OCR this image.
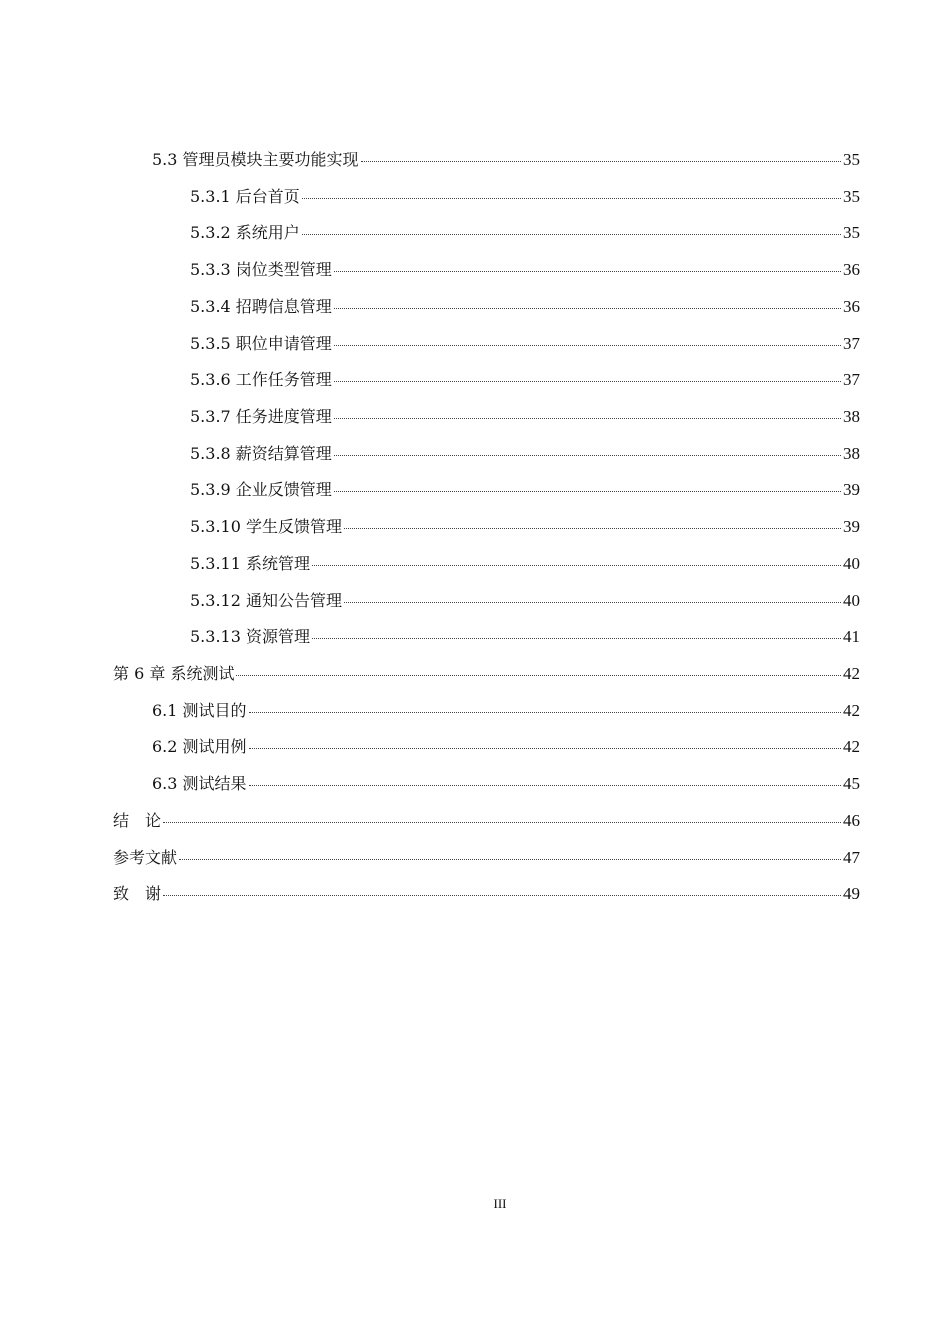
5.3 管理员模块主要功能实现	35
5.3.1 后台首页	35
5.3.2 系统用户	35
5.3.3 岗位类型管理	36
5.3.4 招聘信息管理	36
5.3.5 职位申请管理	37
5.3.6 工作任务管理	37
5.3.7 任务进度管理	38
5.3.8 薪资结算管理	38
5.3.9 企业反馈管理	39
5.3.10 学生反馈管理	39
5.3.11 系统管理	40
5.3.12 通知公告管理	40
5.3.13 资源管理	41
第 6 章 系统测试	42
6.1 测试目的	42
6.2 测试用例	42
6.3 测试结果	45
结　论	46
参考文献	47
致　谢	49
III
